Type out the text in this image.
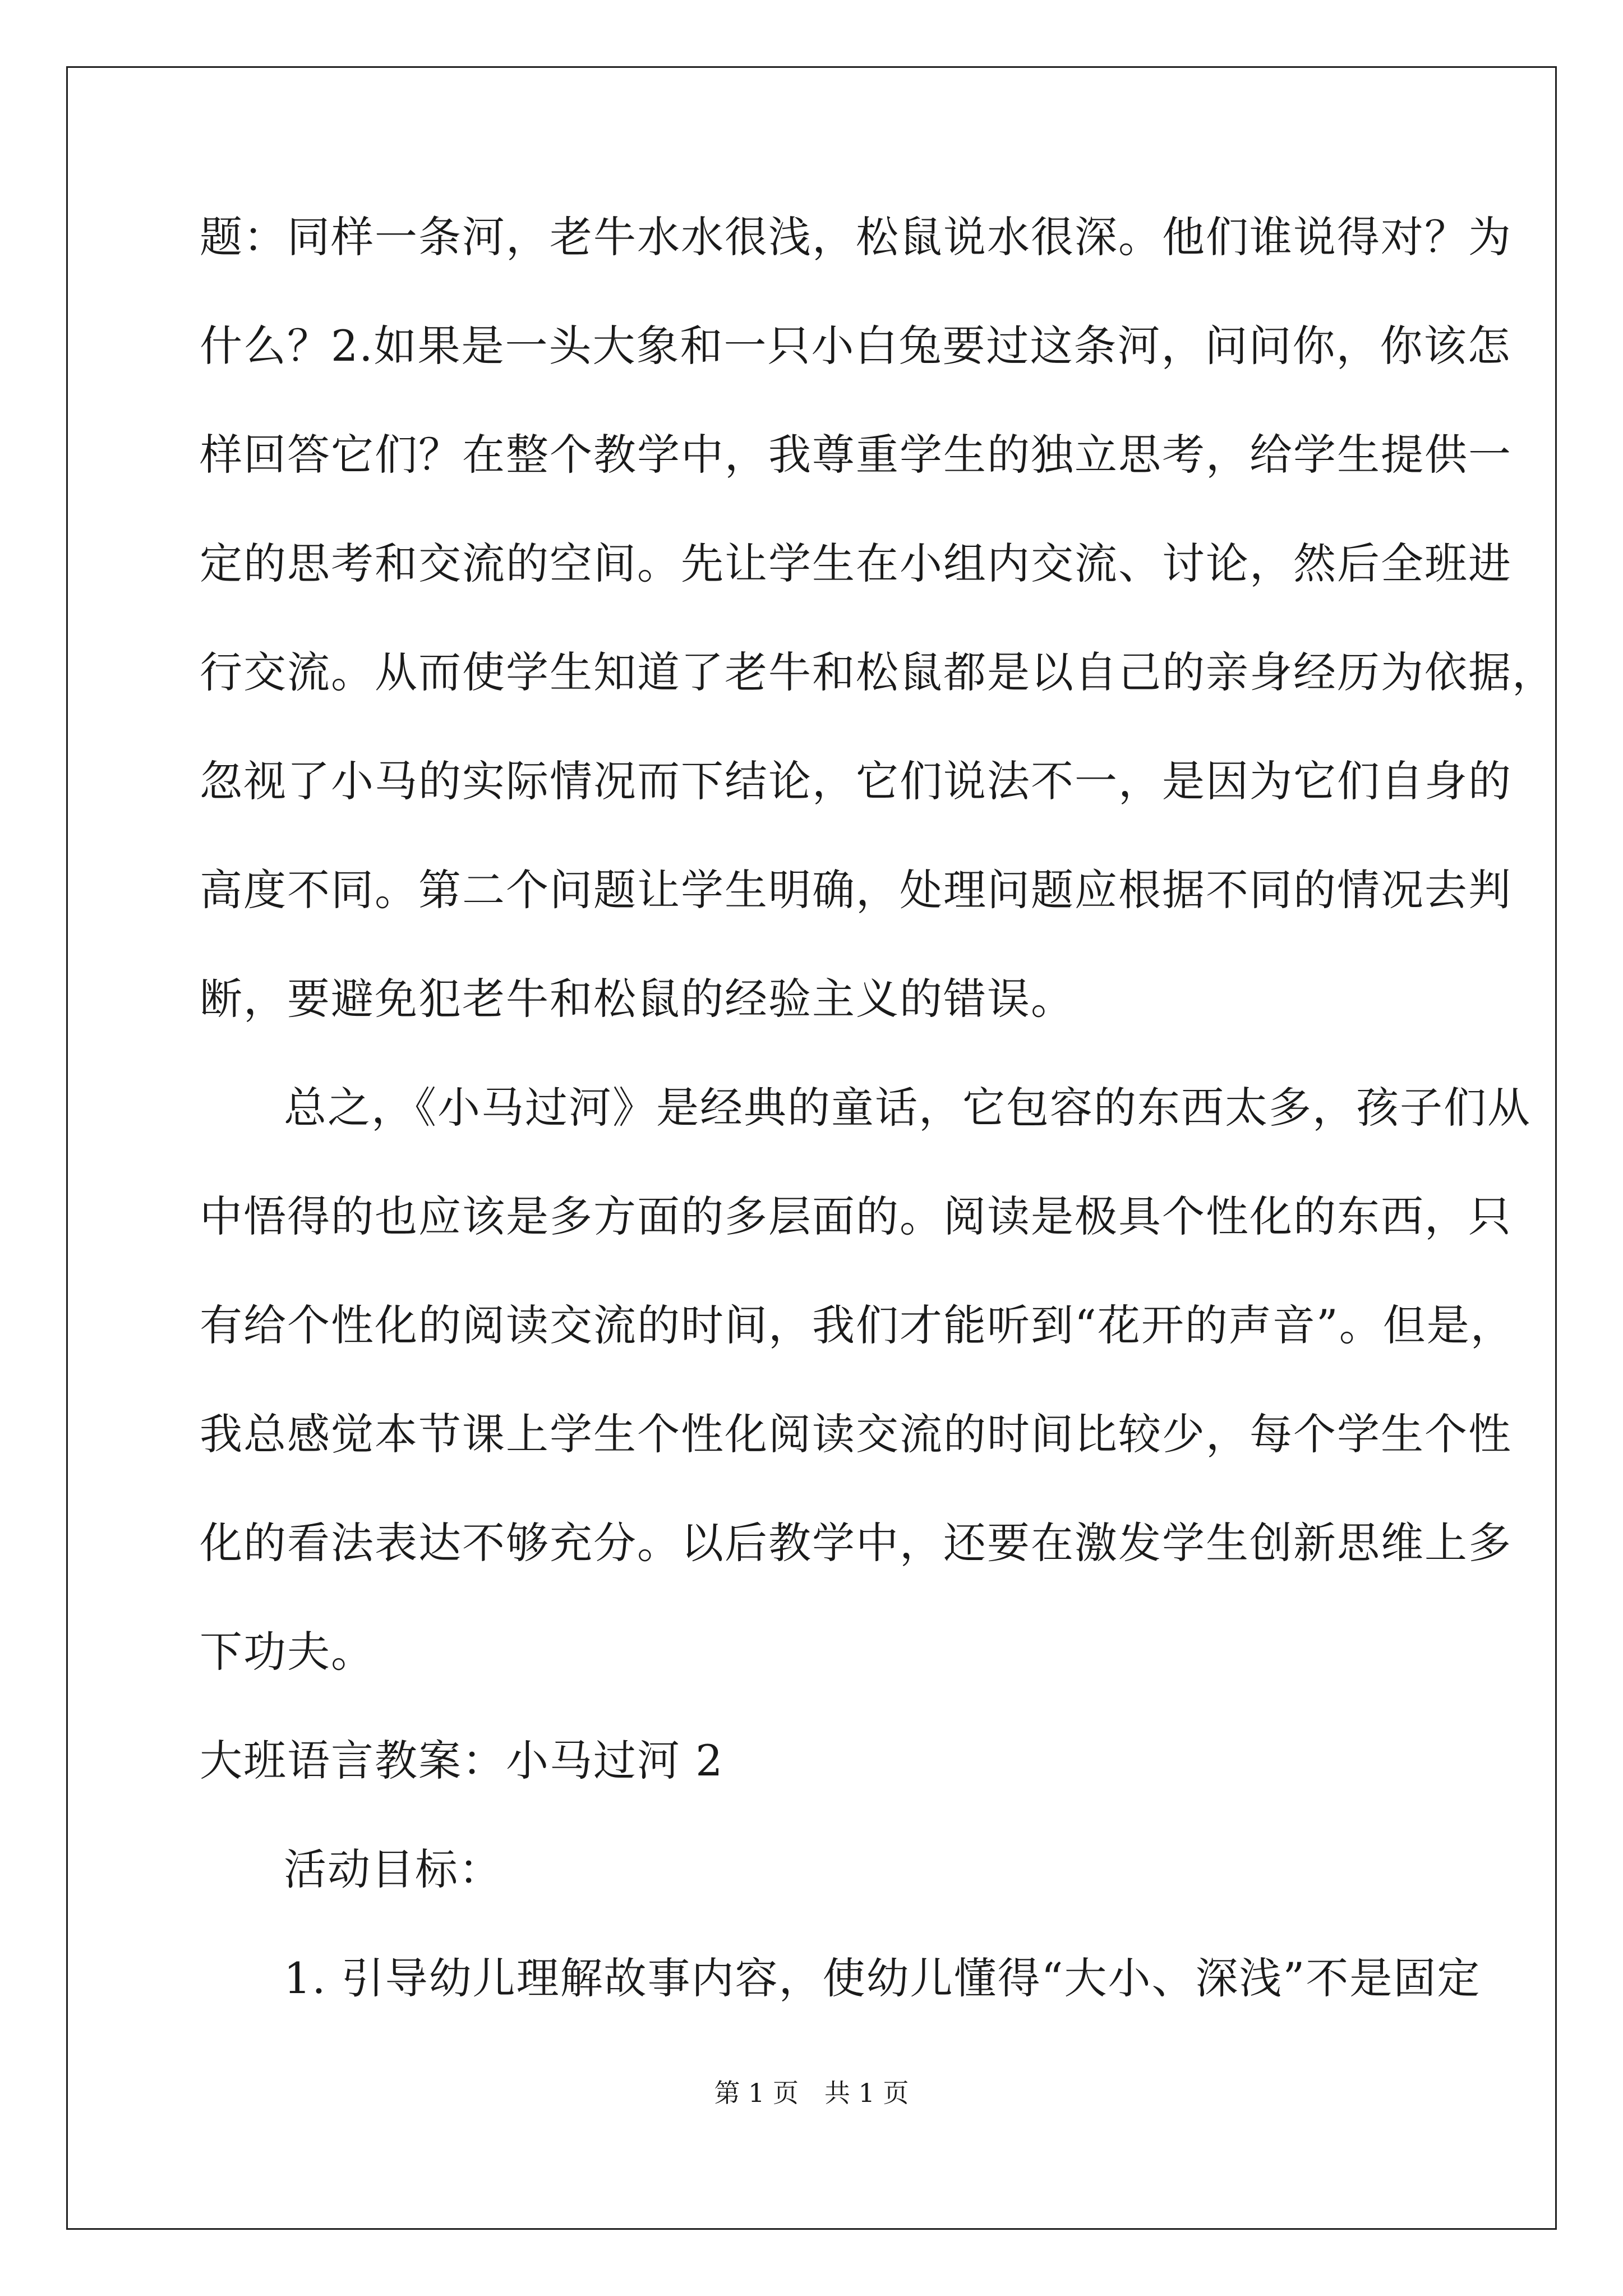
题：同样一条河，老牛水水很浅，松鼠说水很深。他们谁说得对？为
什么？2.如果是一头大象和一只小白兔要过这条河，问问你，你该怎
样回答它们？在整个教学中，我尊重学生的独立思考，给学生提供一
定的思考和交流的空间。先让学生在小组内交流、讨论，然后全班进
行交流。从而使学生知道了老牛和松鼠都是以自己的亲身经历为依据，
忽视了小马的实际情况而下结论，它们说法不一，是因为它们自身的
高度不同。第二个问题让学生明确，处理问题应根据不同的情况去判
断，要避免犯老牛和松鼠的经验主义的错误。
总之，《小马过河》是经典的童话，它包容的东西太多，孩子们从
中悟得的也应该是多方面的多层面的。阅读是极具个性化的东西，只
有给个性化的阅读交流的时间，我们才能听到“花开的声音”。但是，
我总感觉本节课上学生个性化阅读交流的时间比较少，每个学生个性
化的看法表达不够充分。以后教学中，还要在激发学生创新思维上多
下功夫。
大班语言教案：小马过河 2
活动目标：
1. 引导幼儿理解故事内容，使幼儿懂得“大小、深浅”不是固定
第 1 页　共 1 页
